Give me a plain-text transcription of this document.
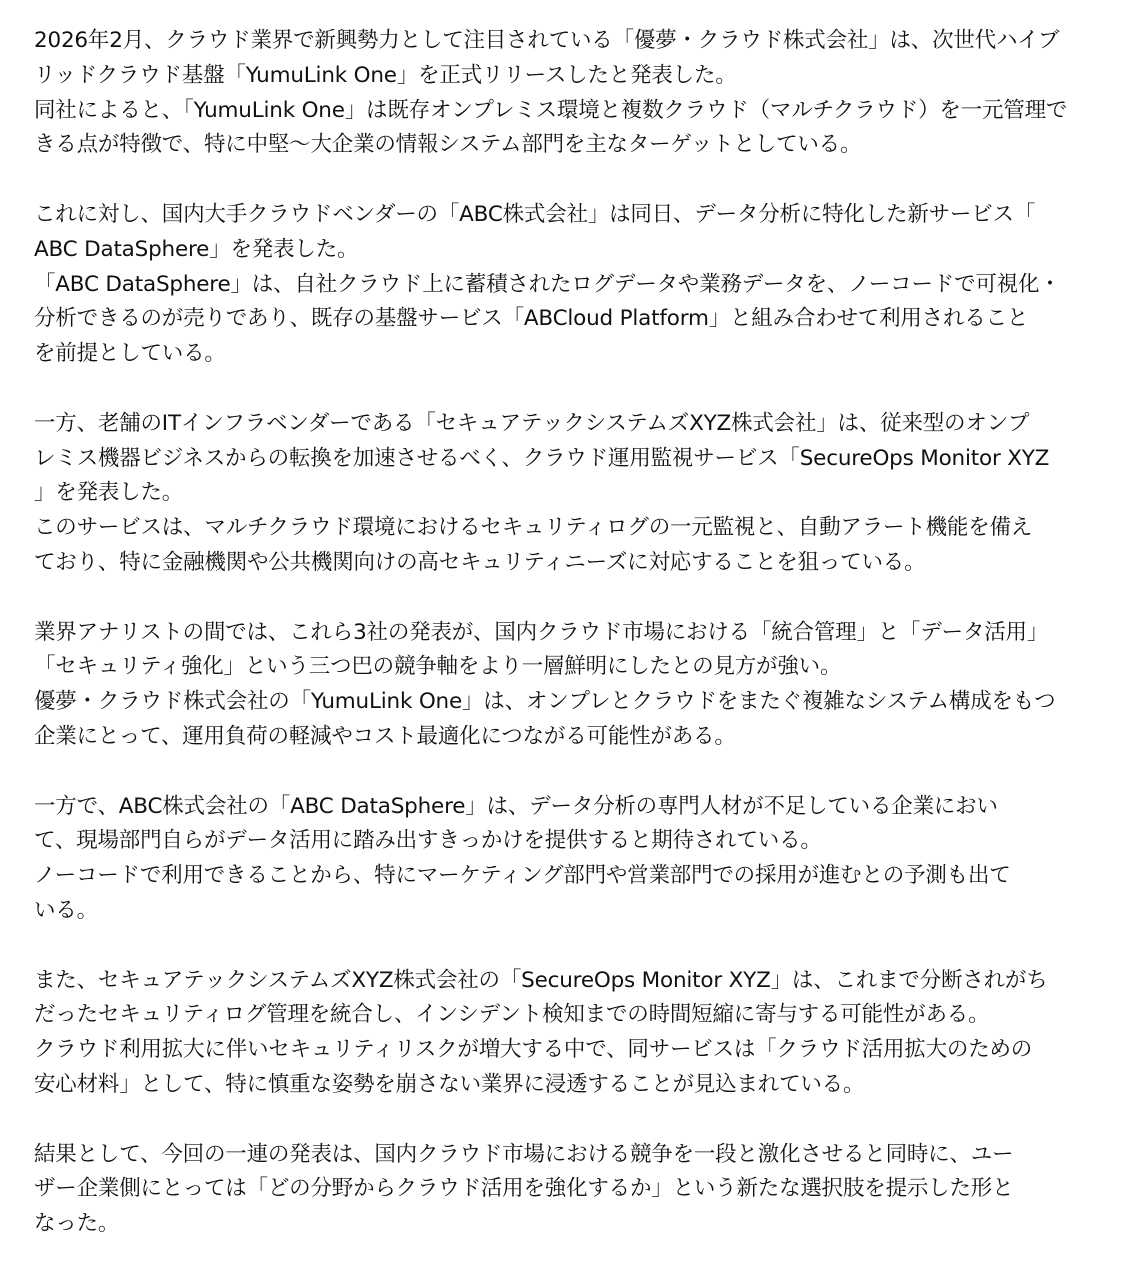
2026年2月、クラウド業界で新興勢力として注目されている「優夢・クラウド株式会社」は、次世代ハイブ
リッドクラウド基盤「YumuLink One」を正式リリースしたと発表した。
同社によると、「YumuLink One」は既存オンプレミス環境と複数クラウド（マルチクラウド）を一元管理で
きる点が特徴で、特に中堅～大企業の情報システム部門を主なターゲットとしている。

これに対し、国内大手クラウドベンダーの「ABC株式会社」は同日、データ分析に特化した新サービス「
ABC DataSphere」を発表した。
「ABC DataSphere」は、自社クラウド上に蓄積されたログデータや業務データを、ノーコードで可視化・
分析できるのが売りであり、既存の基盤サービス「ABCloud Platform」と組み合わせて利用されること
を前提としている。

一方、老舗のITインフラベンダーである「セキュアテックシステムズXYZ株式会社」は、従来型のオンプ
レミス機器ビジネスからの転換を加速させるべく、クラウド運用監視サービス「SecureOps Monitor XYZ
」を発表した。
このサービスは、マルチクラウド環境におけるセキュリティログの一元監視と、自動アラート機能を備え
ており、特に金融機関や公共機関向けの高セキュリティニーズに対応することを狙っている。

業界アナリストの間では、これら3社の発表が、国内クラウド市場における「統合管理」と「データ活用」
「セキュリティ強化」という三つ巴の競争軸をより一層鮮明にしたとの見方が強い。
優夢・クラウド株式会社の「YumuLink One」は、オンプレとクラウドをまたぐ複雑なシステム構成をもつ
企業にとって、運用負荷の軽減やコスト最適化につながる可能性がある。

一方で、ABC株式会社の「ABC DataSphere」は、データ分析の専門人材が不足している企業におい
て、現場部門自らがデータ活用に踏み出すきっかけを提供すると期待されている。
ノーコードで利用できることから、特にマーケティング部門や営業部門での採用が進むとの予測も出て
いる。

また、セキュアテックシステムズXYZ株式会社の「SecureOps Monitor XYZ」は、これまで分断されがち
だったセキュリティログ管理を統合し、インシデント検知までの時間短縮に寄与する可能性がある。
クラウド利用拡大に伴いセキュリティリスクが増大する中で、同サービスは「クラウド活用拡大のための
安心材料」として、特に慎重な姿勢を崩さない業界に浸透することが見込まれている。

結果として、今回の一連の発表は、国内クラウド市場における競争を一段と激化させると同時に、ユー
ザー企業側にとっては「どの分野からクラウド活用を強化するか」という新たな選択肢を提示した形と
なった。
